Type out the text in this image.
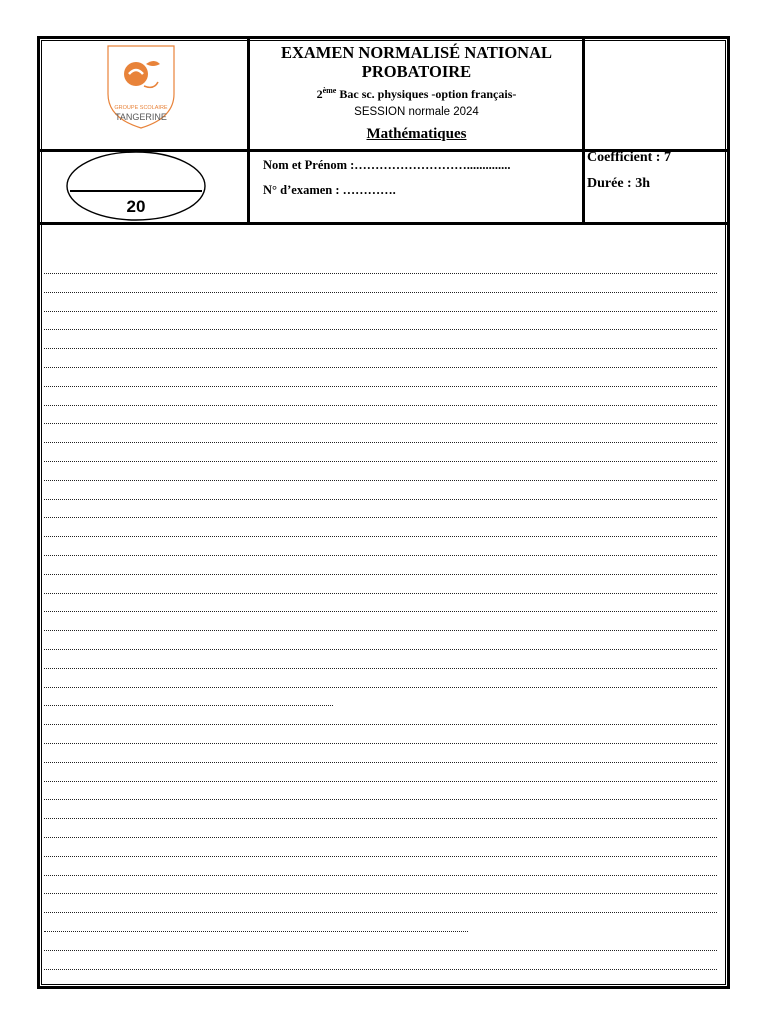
GROUPE SCOLAIRE
TANGERINE
EXAMEN NORMALISÉ NATIONAL PROBATOIRE
2ème Bac sc. physiques -option français-
SESSION normale 2024
Mathématiques
Nom et Prénom :………………………..............
N° d’examen : ………….
Coefficient : 7
Durée : 3h
20
